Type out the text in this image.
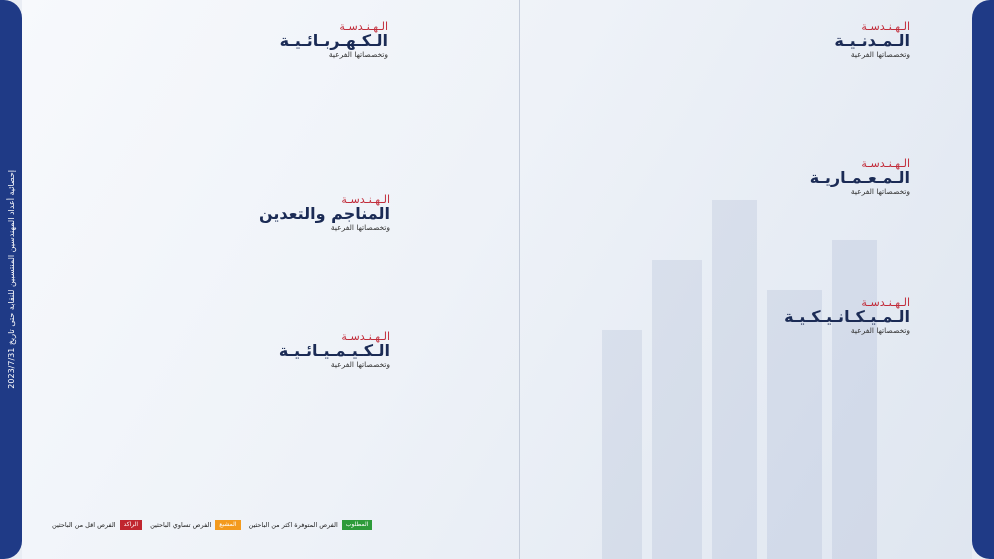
إحصائية أعداد المهندسين المنتسبين للنقابة حتى تاريخ 2023/7/31
الـهـنـدسـة
الـمـدنـيـة
وتخصصاتها الفرعية
الـهـنـدسـة
الـمـعـمـاريـة
وتخصصاتها الفرعية
الـهـنـدسـة
الـمـيـكـانـيـكـيـة
وتخصصاتها الفرعية
الـهـنـدسـة
الـكـهـربـائـيـة
وتخصصاتها الفرعية
الـهـنـدسـة
المناجم والتعدين
وتخصصاتها الفرعية
الـهـنـدسـة
الـكـيـمـيـائـيـة
وتخصصاتها الفرعية
المطلوب
الفرص المتوفرة اكثر من الباحثين
المشبع
الفرص تساوي الباحثين
الراكد
الفرص اقل من الباحثين
